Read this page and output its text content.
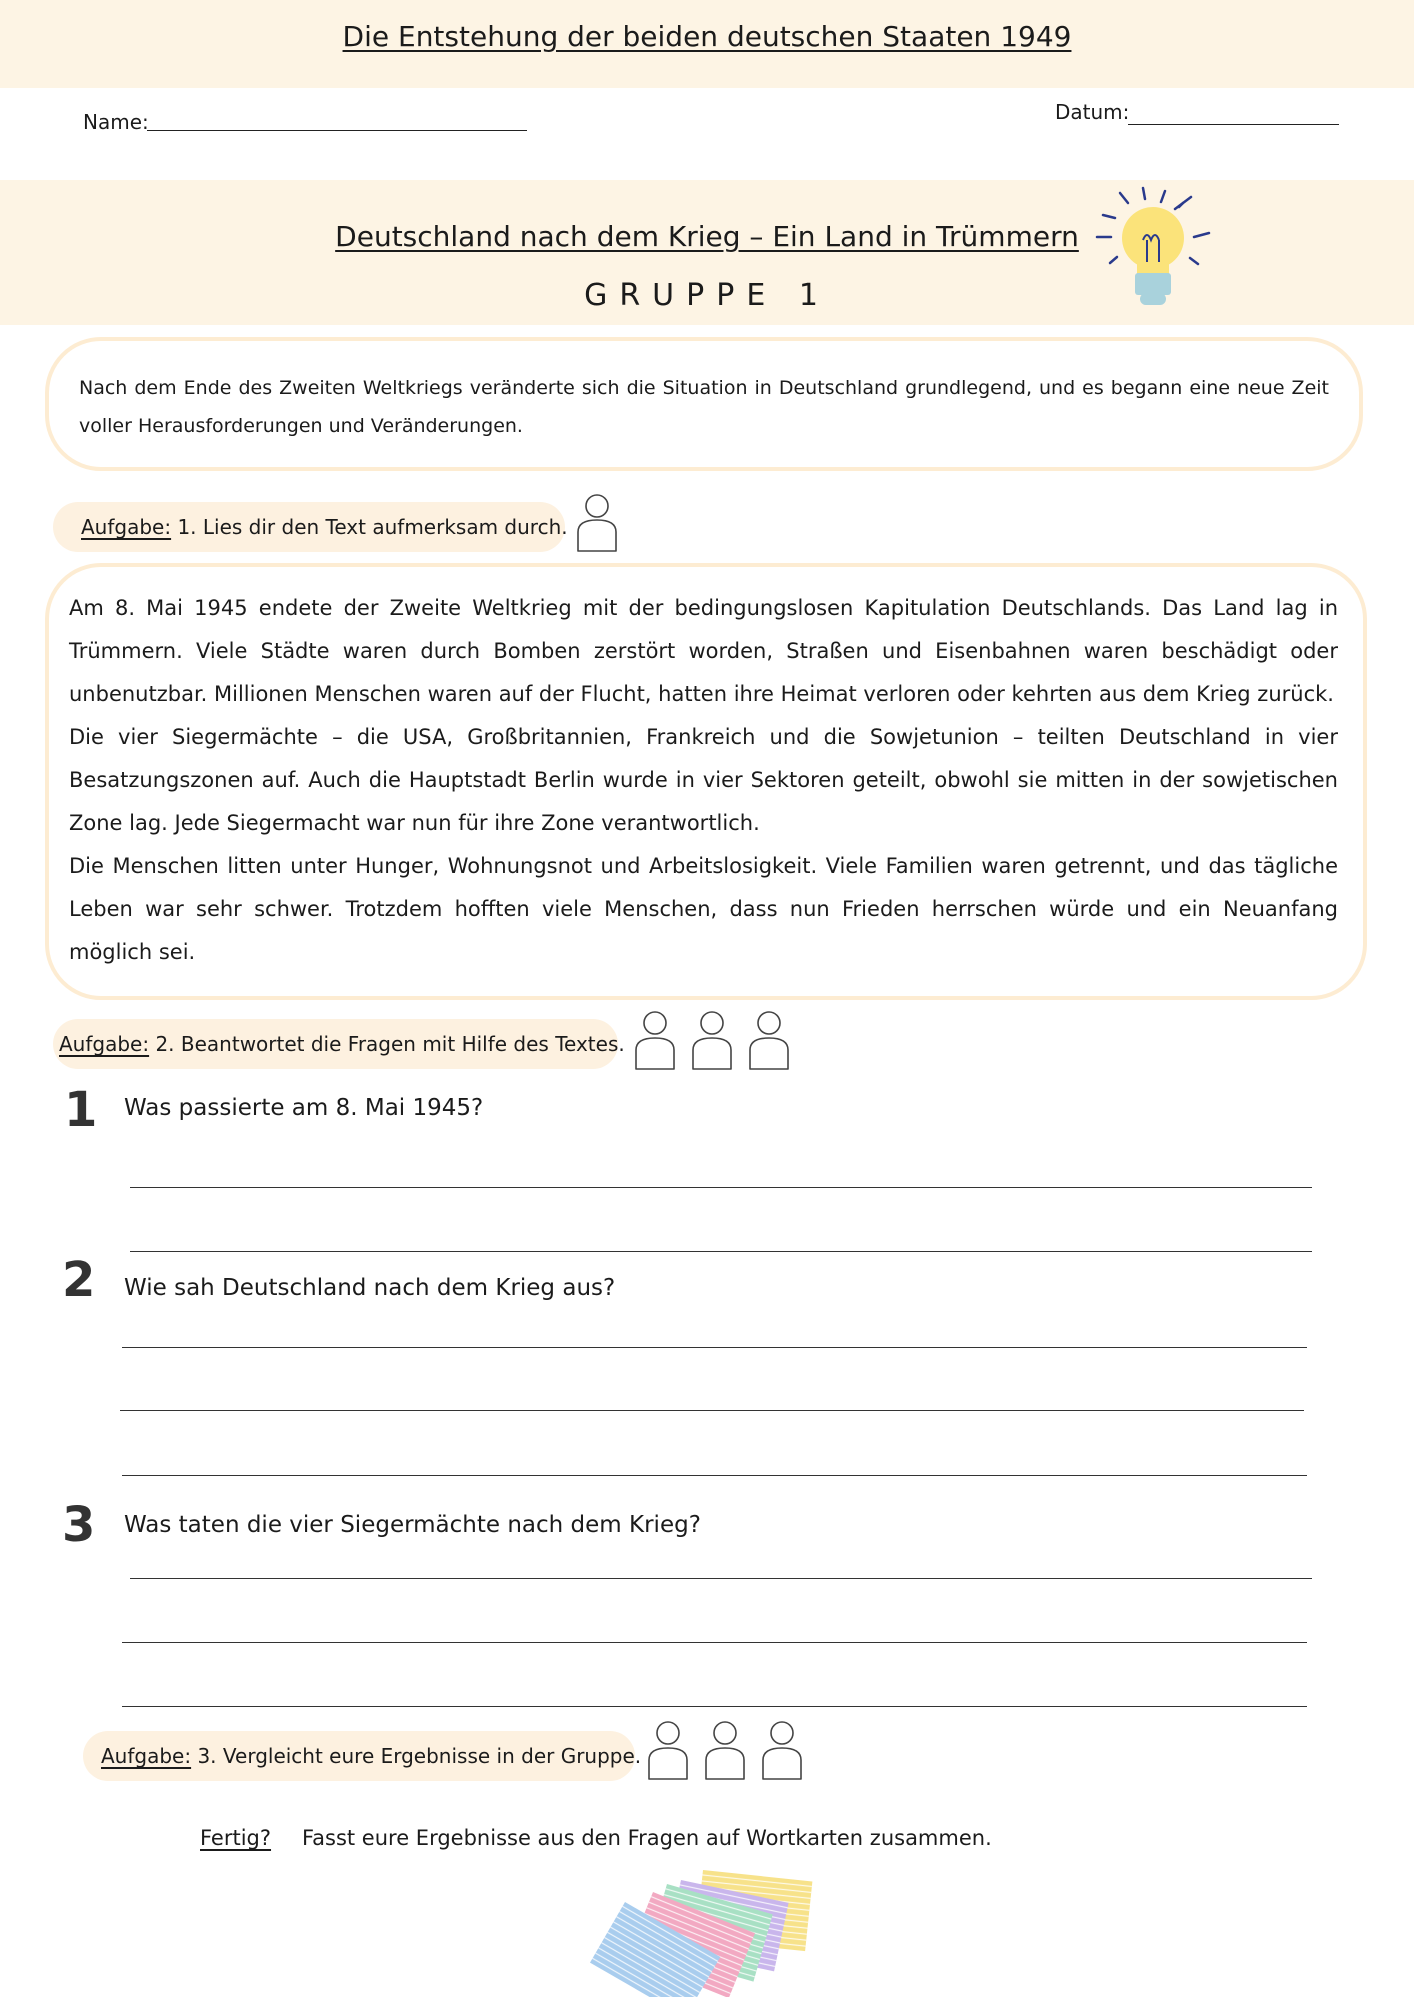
Die Entstehung der beiden deutschen Staaten 1949
Name:	Datum:
Deutschland nach dem Krieg – Ein Land in Trümmern
GRUPPE 1
Nach dem Ende des Zweiten Weltkriegs veränderte sich die Situation in Deutschland grundlegend, und es begann eine neue Zeit voller Herausforderungen und Veränderungen.
Aufgabe: 1. Lies dir den Text aufmerksam durch.

Am 8. Mai 1945 endete der Zweite Weltkrieg mit der bedingungslosen Kapitulation Deutschlands. Das Land lag in Trümmern. Viele Städte waren durch Bomben zerstört worden, Straßen und Eisenbahnen waren beschädigt oder unbenutzbar. Millionen Menschen waren auf der Flucht, hatten ihre Heimat verloren oder kehrten aus dem Krieg zurück.

Die vier Siegermächte – die USA, Großbritannien, Frankreich und die Sowjetunion – teilten Deutschland in vier Besatzungszonen auf. Auch die Hauptstadt Berlin wurde in vier Sektoren geteilt, obwohl sie mitten in der sowjetischen Zone lag. Jede Siegermacht war nun für ihre Zone verantwortlich.

Die Menschen litten unter Hunger, Wohnungsnot und Arbeitslosigkeit. Viele Familien waren getrennt, und das tägliche Leben war sehr schwer. Trotzdem hofften viele Menschen, dass nun Frieden herrschen würde und ein Neuanfang möglich sei.

Aufgabe: 2. Beantwortet die Fragen mit Hilfe des Textes.
1 Was passierte am 8. Mai 1945?
2 Wie sah Deutschland nach dem Krieg aus?
3 Was taten die vier Siegermächte nach dem Krieg?
Aufgabe: 3. Vergleicht eure Ergebnisse in der Gruppe.
Fertig? Fasst eure Ergebnisse aus den Fragen auf Wortkarten zusammen.
